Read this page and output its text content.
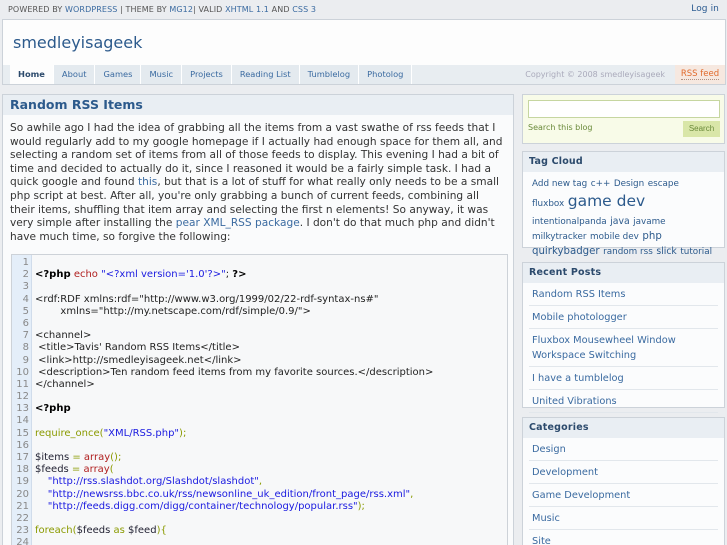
POWERED BY WORDPRESS | THEME BY MG12| VALID XHTML 1.1 AND CSS 3	Log in
smedleyisageek
Home	About	Games	Music	Projects	Reading List	Tumblelog	Photolog	Copyright © 2008 smedleyisageek	RSS feed
Random RSS Items
So awhile ago I had the idea of grabbing all the items from a vast swathe of rss feeds that I would regularly add to my google homepage if I actually had enough space for them all, and selecting a random set of items from all of those feeds to display. This evening I had a bit of time and decided to actually do it, since I reasoned it would be a fairly simple task. I had a quick google and found this, but that is a lot of stuff for what really only needs to be a small php script at best. After all, you're only grabbing a bunch of current feeds, combining all their items, shuffling that item array and selecting the first n elements! So anyway, it was very simple after installing the pear XML_RSS package. I don't do that much php and didn't have much time, so forgive the following:
1
2 <?php echo "<?xml version='1.0'?>"; ?>
3
4 <rdf:RDF xmlns:rdf="http://www.w3.org/1999/02/22-rdf-syntax-ns#"
5 xmlns="http://my.netscape.com/rdf/simple/0.9/">
6
7 <channel>
8 <title>Tavis' Random RSS Items</title>
9 <link>http://smedleyisageek.net</link>
10 <description>Ten random feed items from my favorite sources.</description>
11 </channel>
12
13 <?php
14
15 require_once("XML/RSS.php");
16
17 $items = array();
18 $feeds = array(
19 "http://rss.slashdot.org/Slashdot/slashdot",
20 "http://newsrss.bbc.co.uk/rss/newsonline_uk_edition/front_page/rss.xml",
21 "http://feeds.digg.com/digg/container/technology/popular.rss");
22
23 foreach($feeds as $feed){
24
Search this blog	Search
Tag Cloud
Add new tag c++ Design escape
fluxbox game dev
intentionalpanda java javame
milkytracker mobile dev php
quirkybadger random rss slick tutorial
Recent Posts
Random RSS Items
Mobile photologger
Fluxbox Mousewheel Window Workspace Switching
I have a tumblelog
United Vibrations
Categories
Design
Development
Game Development
Music
Site
